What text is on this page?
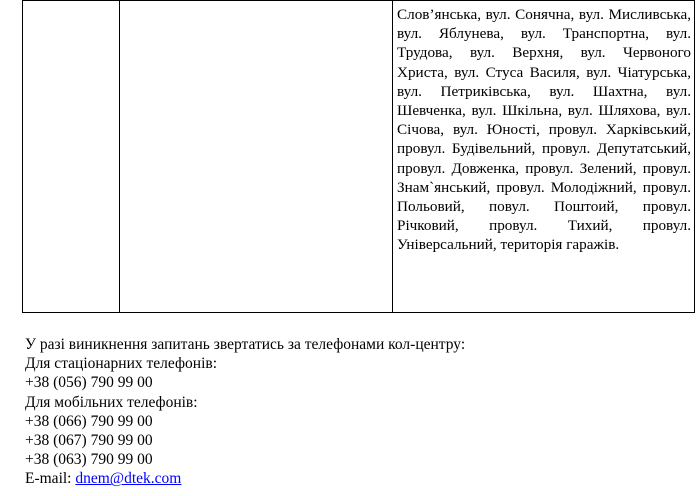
Слов’янська, вул. Сонячна, вул. Мисливська, вул. Яблунева, вул. Транспортна, вул. Трудова, вул. Верхня, вул. Червоного Христа, вул. Стуса Василя, вул. Чіатурська, вул. Петриківська, вул. Шахтна, вул. Шевченка, вул. Шкільна, вул. Шляхова, вул. Січова, вул. Юності, провул. Харківський, провул. Будівельний, провул. Депутатський, провул. Довженка, провул. Зелений, провул. Знам`янський, провул. Молодіжний, провул. Польовий, повул. Поштоий, провул. Річковий, провул. Тихий, провул. Універсальний, територія гаражів.

У разі виникнення запитань звертатись за телефонами кол-центру:

Для стаціонарних телефонів:

+38 (056) 790 99 00

Для мобільних телефонів:

+38 (066) 790 99 00

+38 (067) 790 99 00

+38 (063) 790 99 00

E-mail: dnem@dtek.com
